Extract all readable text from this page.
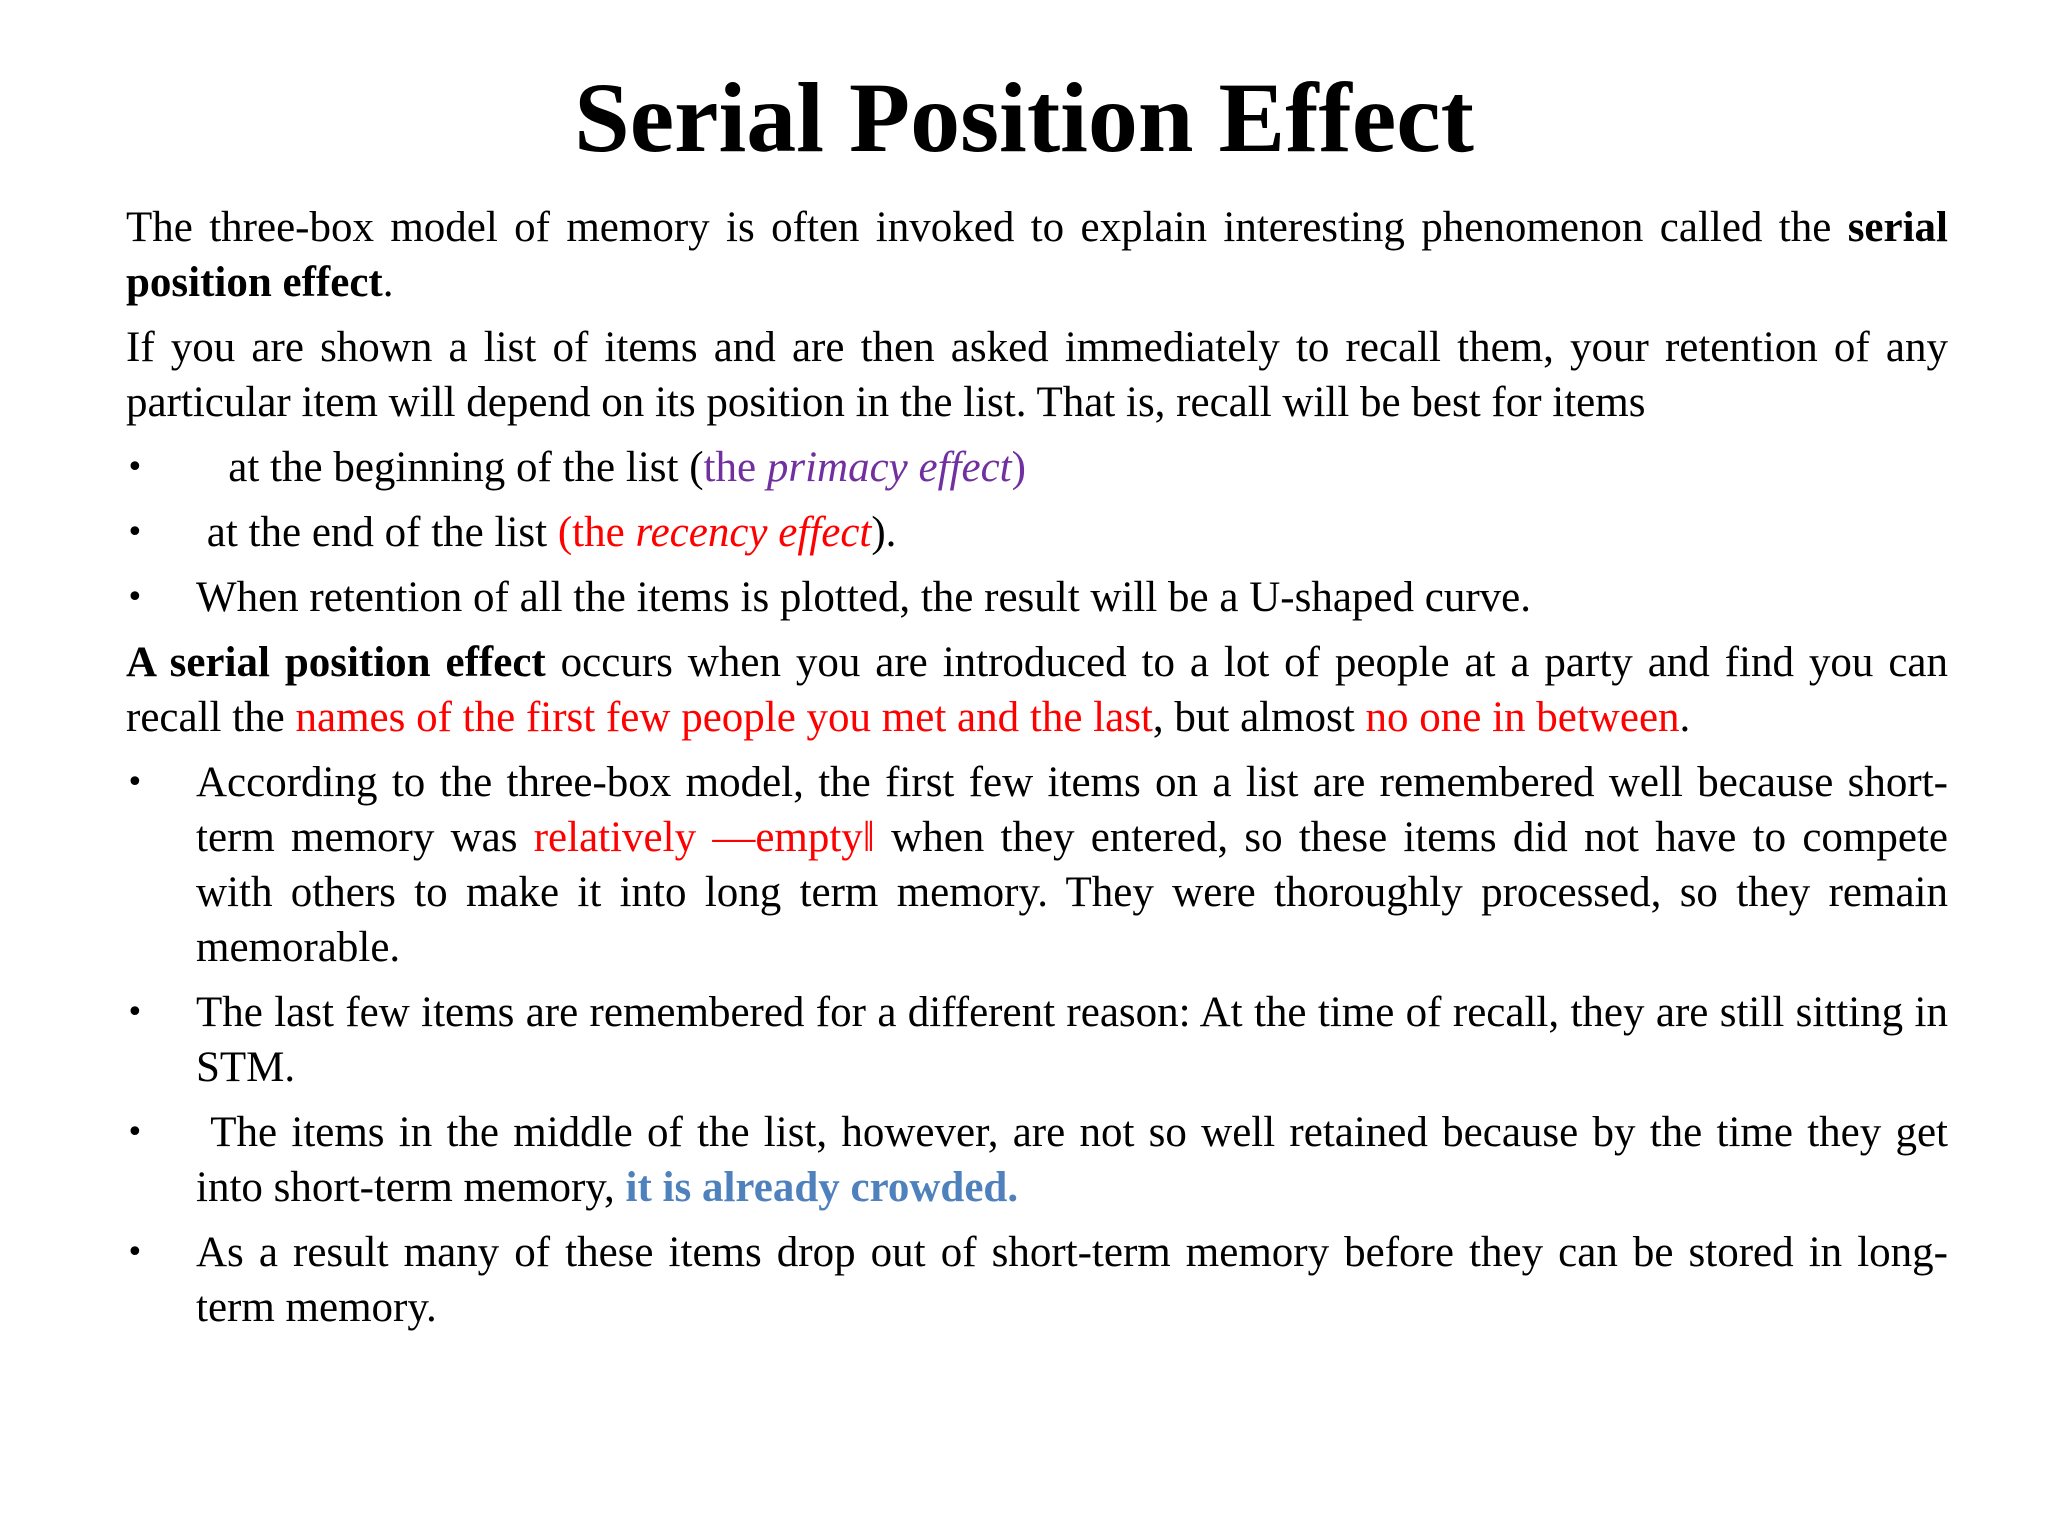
Serial Position Effect

The three-box model of memory is often invoked to explain interesting phenomenon called the serial position effect.

If you are shown a list of items and are then asked immediately to recall them, your retention of any particular item will depend on its position in the list. That is, recall will be best for items

•	at the beginning of the list (the primacy effect)
•	at the end of the list (the recency effect).
•	When retention of all the items is plotted, the result will be a U-shaped curve.

A serial position effect occurs when you are introduced to a lot of people at a party and find you can recall the names of the first few people you met and the last, but almost no one in between.

•	According to the three-box model, the first few items on a list are remembered well because short-term memory was relatively —empty‖ when they entered, so these items did not have to compete with others to make it into long term memory. They were thoroughly processed, so they remain memorable.
•	The last few items are remembered for a different reason: At the time of recall, they are still sitting in STM.
•	The items in the middle of the list, however, are not so well retained because by the time they get into short-term memory, it is already crowded.
•	As a result many of these items drop out of short-term memory before they can be stored in long-term memory.
